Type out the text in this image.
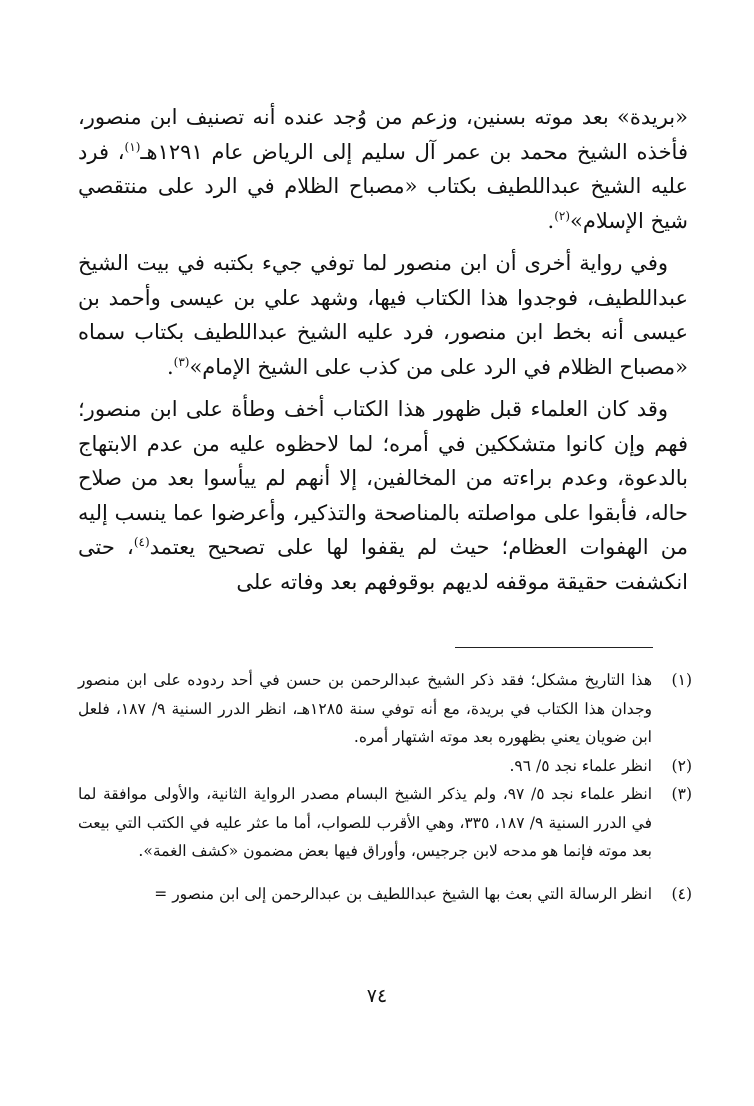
«بريدة» بعد موته بسنين، وزعم من وُجد عنده أنه تصنيف ابن منصور، فأخذه الشيخ محمد بن عمر آل سليم إلى الرياض عام ١٢٩١هـ$^{(١)}$، فرد عليه الشيخ عبداللطيف بكتاب «مصباح الظلام في الرد على منتقصي شيخ الإسلام»$^{(٢)}$.

وفي رواية أخرى أن ابن منصور لما توفي جيء بكتبه في بيت الشيخ عبداللطيف، فوجدوا هذا الكتاب فيها، وشهد علي بن عيسى وأحمد بن عيسى أنه بخط ابن منصور، فرد عليه الشيخ عبداللطيف بكتاب سماه «مصباح الظلام في الرد على من كذب على الشيخ الإمام»$^{(٣)}$.

وقد كان العلماء قبل ظهور هذا الكتاب أخف وطأة على ابن منصور؛ فهم وإن كانوا متشككين في أمره؛ لما لاحظوه عليه من عدم الابتهاج بالدعوة، وعدم براءته من المخالفين، إلا أنهم لم ييأسوا بعد من صلاح حاله، فأبقوا على مواصلته بالمناصحة والتذكير، وأعرضوا عما ينسب إليه من الهفوات العظام؛ حيث لم يقفوا لها على تصحيح يعتمد$^{(٤)}$، حتى انكشفت حقيقة موقفه لديهم بوقوفهم بعد وفاته على

(١)
هذا التاريخ مشكل؛ فقد ذكر الشيخ عبدالرحمن بن حسن في أحد ردوده على ابن منصور وجدان هذا الكتاب في بريدة، مع أنه توفي سنة ١٢٨٥هـ، انظر الدرر السنية ٩/ ١٨٧، فلعل ابن ضويان يعني بظهوره بعد موته اشتهار أمره.
(٢)
انظر علماء نجد ٥/ ٩٦.
(٣)
انظر علماء نجد ٥/ ٩٧، ولم يذكر الشيخ البسام مصدر الرواية الثانية، والأولى موافقة لما في الدرر السنية ٩/ ١٨٧، ٣٣٥، وهي الأقرب للصواب، أما ما عثر عليه في الكتب التي بيعت بعد موته فإنما هو مدحه لابن جرجيس، وأوراق فيها بعض مضمون «كشف الغمة».
(٤)
انظر الرسالة التي بعث بها الشيخ عبداللطيف بن عبدالرحمن إلى ابن منصور =
٧٤
